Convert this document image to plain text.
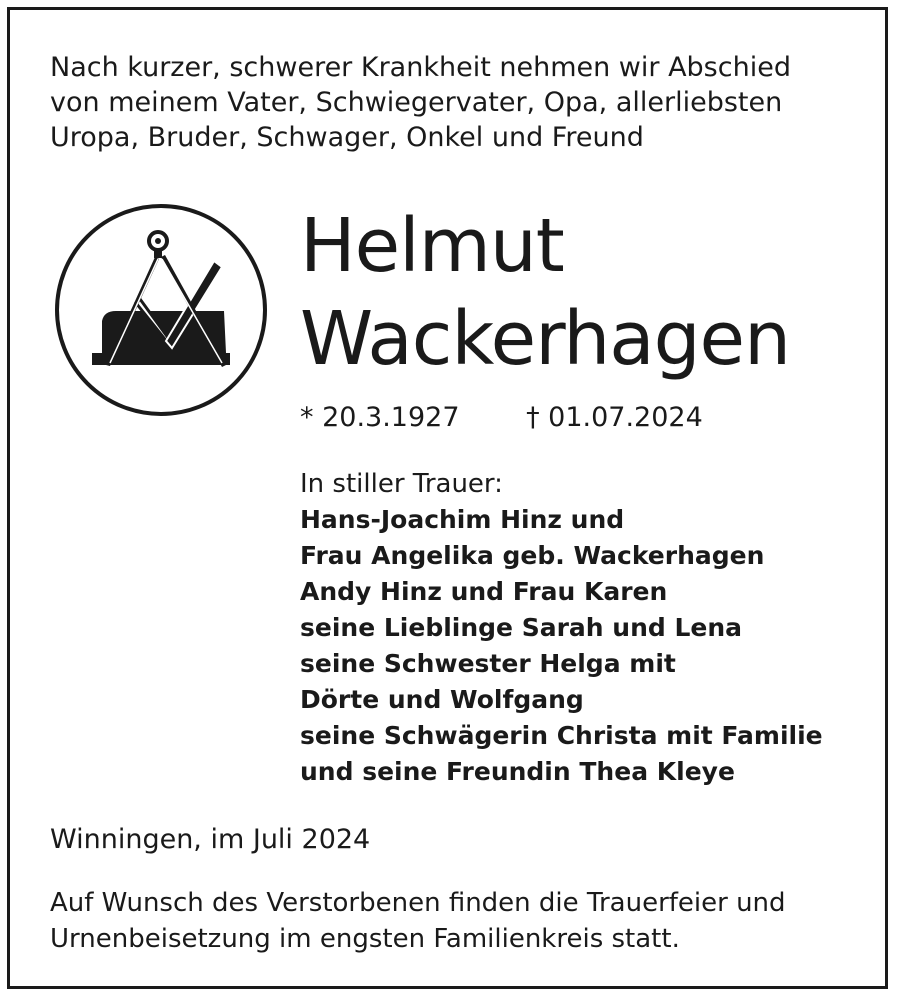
Nach kurzer, schwerer Krankheit nehmen wir Abschied
von meinem Vater, Schwiegervater, Opa, allerliebsten
Uropa, Bruder, Schwager, Onkel und Freund
Helmut
Wackerhagen
* 20.3.1927 † 01.07.2024
In stiller Trauer:
Hans-Joachim Hinz und
Frau Angelika geb. Wackerhagen
Andy Hinz und Frau Karen
seine Lieblinge Sarah und Lena
seine Schwester Helga mit
Dörte und Wolfgang
seine Schwägerin Christa mit Familie
und seine Freundin Thea Kleye
Winningen, im Juli 2024
Auf Wunsch des Verstorbenen finden die Trauerfeier und
Urnenbeisetzung im engsten Familienkreis statt.
